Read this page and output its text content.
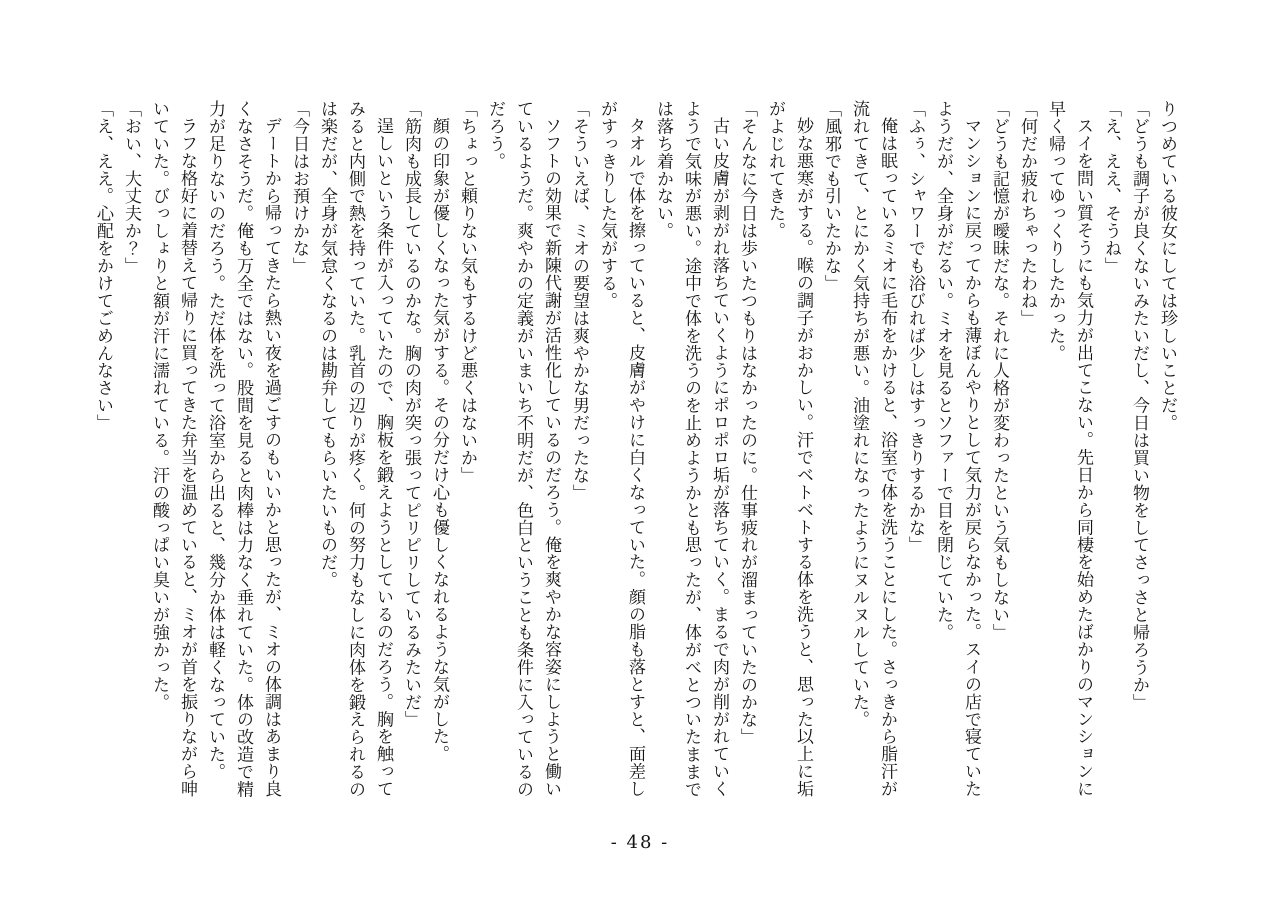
りつめている彼女にしては珍しいことだ。

「どうも調子が良くないみたいだし、今日は買い物をしてさっさと帰ろうか」

「え、ええ、そうね」

スイを問い質そうにも気力が出てこない。先日から同棲を始めたばかりのマンションに早く帰ってゆっくりしたかった。

「何だか疲れちゃったわね」

「どうも記憶が曖昧だな。それに人格が変わったという気もしない」

マンションに戻ってからも薄ぼんやりとして気力が戻らなかった。スイの店で寝ていたようだが、全身がだるい。ミオを見るとソファーで目を閉じていた。

「ふぅ、シャワーでも浴びれば少しはすっきりするかな」

俺は眠っているミオに毛布をかけると、浴室で体を洗うことにした。さっきから脂汗が流れてきて、とにかく気持ちが悪い。油塗れになったようにヌルヌルしていた。

「風邪でも引いたかな」

妙な悪寒がする。喉の調子がおかしい。汗でベトベトする体を洗うと、思った以上に垢がよじれてきた。

「そんなに今日は歩いたつもりはなかったのに。仕事疲れが溜まっていたのかな」

古い皮膚が剥がれ落ちていくようにポロポロ垢が落ちていく。まるで肉が削がれていくようで気味が悪い。途中で体を洗うのを止めようかとも思ったが、体がべとついたままでは落ち着かない。

タオルで体を擦っていると、皮膚がやけに白くなっていた。顔の脂も落とすと、面差しがすっきりした気がする。

「そういえば、ミオの要望は爽やかな男だったな」

ソフトの効果で新陳代謝が活性化しているのだろう。俺を爽やかな容姿にしようと働いているようだ。爽やかの定義がいまいち不明だが、色白ということも条件に入っているのだろう。

「ちょっと頼りない気もするけど悪くはないか」

顔の印象が優しくなった気がする。その分だけ心も優しくなれるような気がした。

「筋肉も成長しているのかな。胸の肉が突っ張ってピリピリしているみたいだ」

逞しいという条件が入っていたので、胸板を鍛えようとしているのだろう。胸を触ってみると内側で熱を持っていた。乳首の辺りが疼く。何の努力もなしに肉体を鍛えられるのは楽だが、全身が気怠くなるのは勘弁してもらいたいものだ。

「今日はお預けかな」

デートから帰ってきたら熱い夜を過ごすのもいいかと思ったが、ミオの体調はあまり良くなさそうだ。俺も万全ではない。股間を見ると肉棒は力なく垂れていた。体の改造で精力が足りないのだろう。ただ体を洗って浴室から出ると、幾分か体は軽くなっていた。

ラフな格好に着替えて帰りに買ってきた弁当を温めていると、ミオが首を振りながら呻いていた。びっしょりと額が汗に濡れている。汗の酸っぱい臭いが強かった。

「おい、大丈夫か？」

「え、ええ。心配をかけてごめんなさい」

- 48 -
